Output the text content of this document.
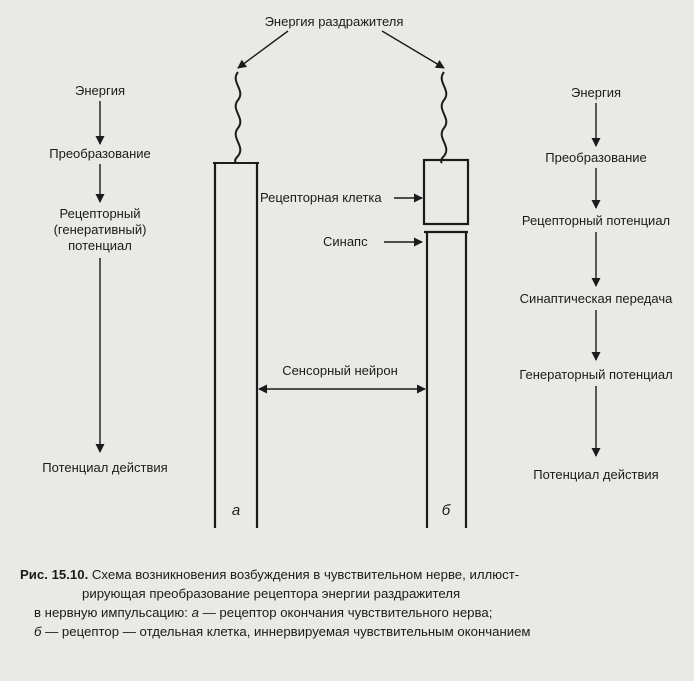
Энергия раздражителя
Рецепторная клетка
Синапс
Сенсорный нейрон
а	б
Энергия
Преобразование
Рецепторный
(генеративный)
потенциал
Потенциал действия
Энергия
Преобразование
Рецепторный потенциал
Синаптическая передача
Генераторный потенциал
Потенциал действия
Рис. 15.10. Схема возникновения возбуждения в чувствительном нерве, иллюст-
рирующая преобразование рецептора энергии раздражителя
в нервную импульсацию: а — рецептор окончания чувствительного нерва;
б — рецептор — отдельная клетка, иннервируемая чувствительным окончанием
